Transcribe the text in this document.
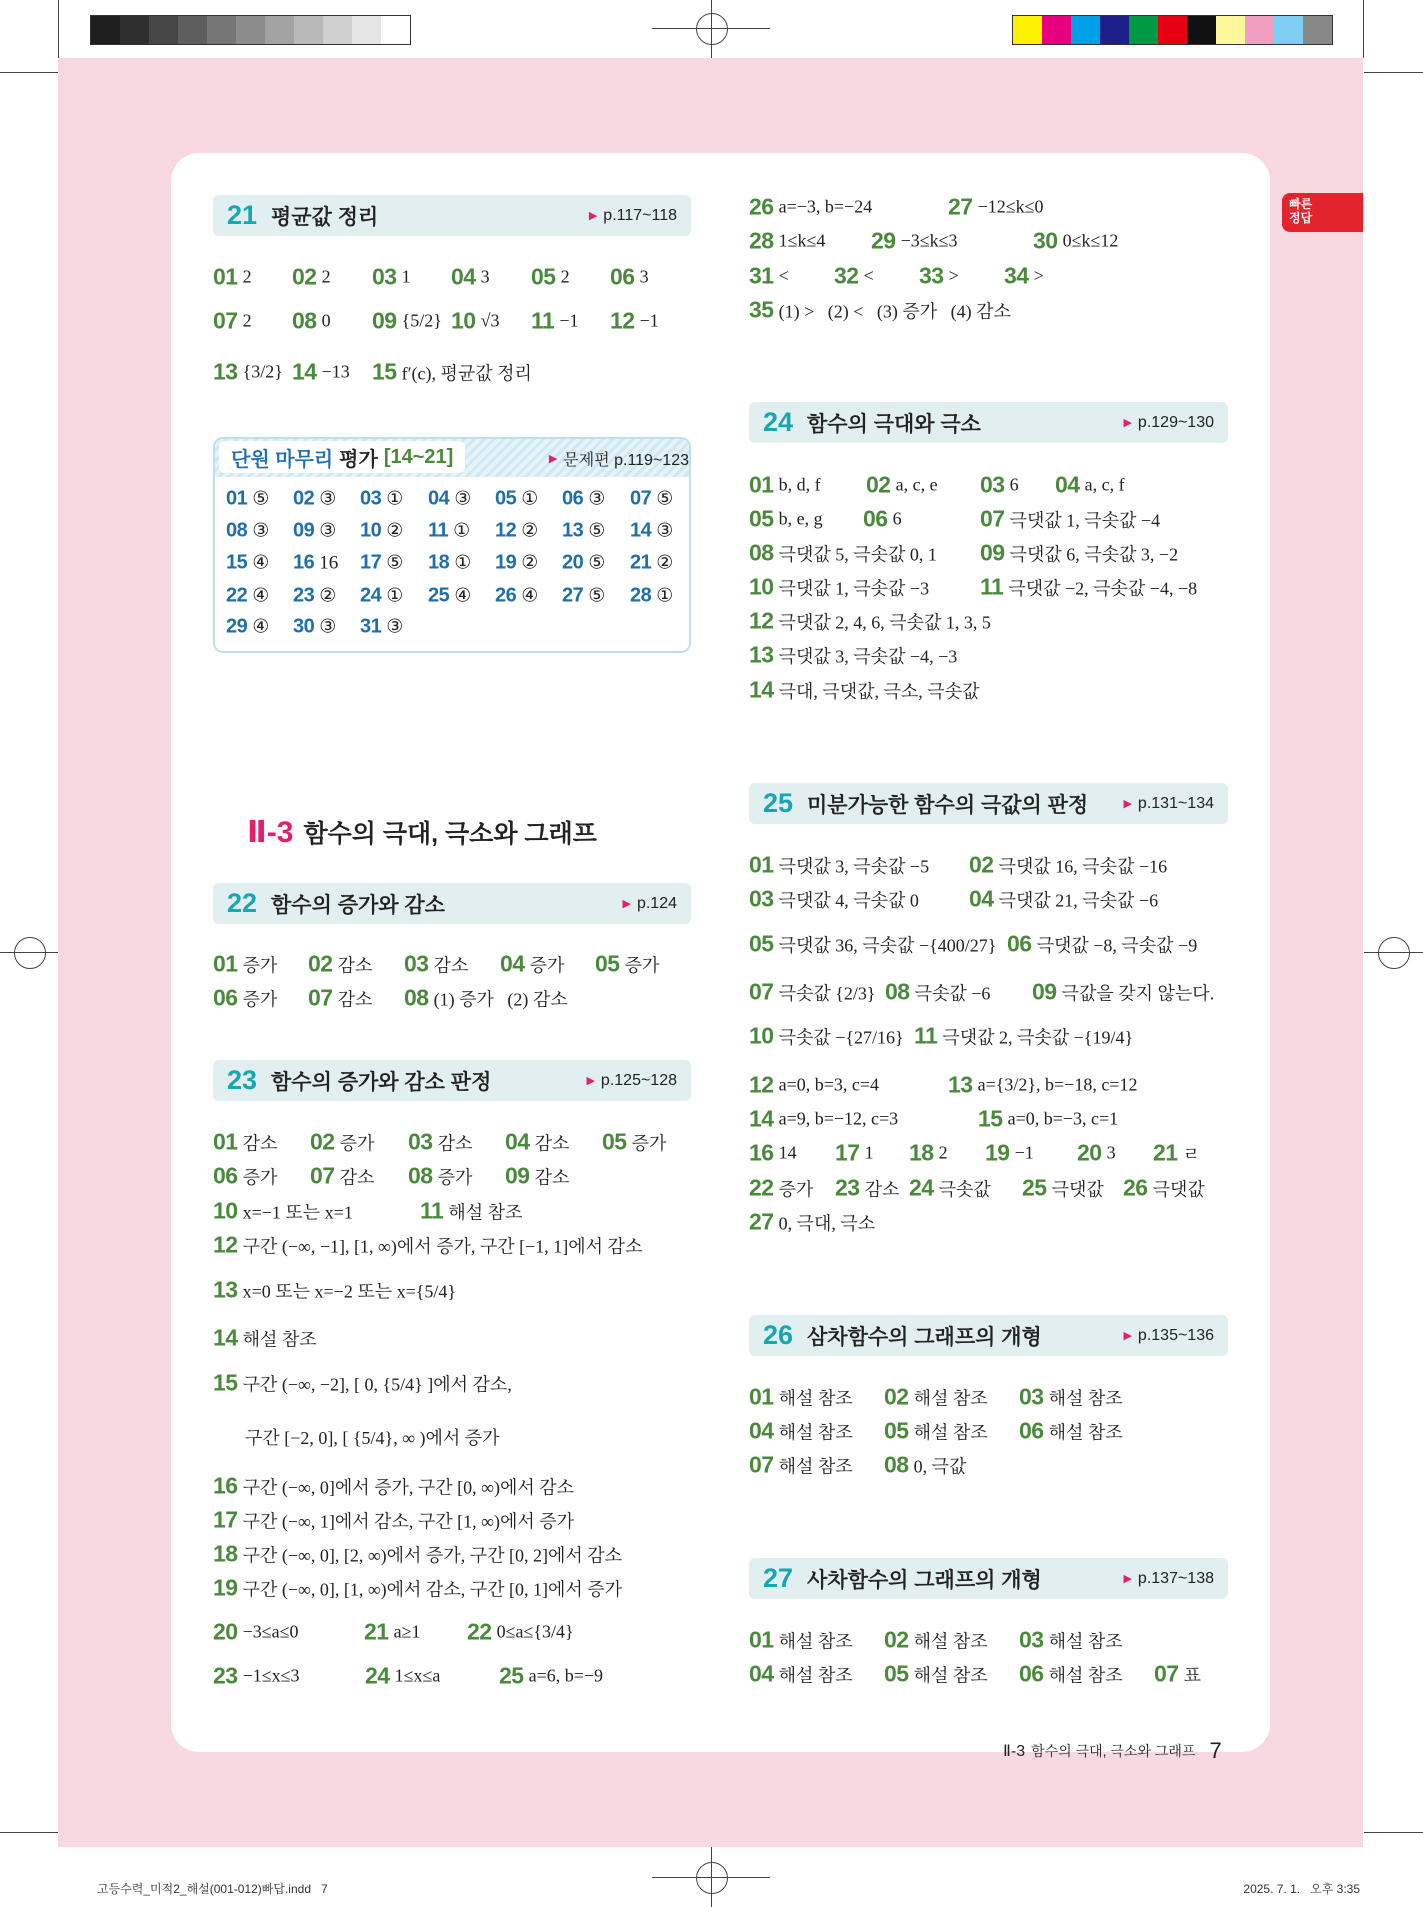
빠른
정답
21 평균값 정리	▶ p.117~118
단원 마무리 평가 [14~21]	▶ 문제편 p.119~123
Ⅱ-3 함수의 극대, 극소와 그래프
22 함수의 증가와 감소	▶ p.124
23 함수의 증가와 감소 판정	▶ p.125~128
24 함수의 극대와 극소	▶ p.129~130
25 미분가능한 함수의 극값의 판정	▶ p.131~134
26 삼차함수의 그래프의 개형	▶ p.135~136
27 사차함수의 그래프의 개형	▶ p.137~138
01 2 02 2 03 1 04 3 05 2 06 3
07 2 08 0 09 {5/2} 10 √3 11 −1 12 −1
13 {3/2} 14 −13 15 f′(c), 평균값 정리
01 ⑤ 02 ③ 03 ① 04 ③ 05 ① 06 ③ 07 ⑤
08 ③ 09 ③ 10 ② 11 ① 12 ② 13 ⑤ 14 ③
15 ④ 16 16 17 ⑤ 18 ① 19 ② 20 ⑤ 21 ②
22 ④ 23 ② 24 ① 25 ④ 26 ④ 27 ⑤ 28 ①
29 ④ 30 ③ 31 ③
01 증가 02 감소 03 감소 04 증가 05 증가
06 증가 07 감소 08 (1) 증가   (2) 감소
01 감소 02 증가 03 감소 04 감소 05 증가
06 증가 07 감소 08 증가 09 감소
10 x=−1 또는 x=1	11 해설 참조
12 구간 (−∞, −1], [1, ∞)에서 증가, 구간 [−1, 1]에서 감소
13 x=0 또는 x=−2 또는 x={5/4}
14 해설 참조
15 구간 (−∞, −2], [ 0, {5/4} ]에서 감소,
구간 [−2, 0], [ {5/4}, ∞ )에서 증가
16 구간 (−∞, 0]에서 증가, 구간 [0, ∞)에서 감소
17 구간 (−∞, 1]에서 감소, 구간 [1, ∞)에서 증가
18 구간 (−∞, 0], [2, ∞)에서 증가, 구간 [0, 2]에서 감소
19 구간 (−∞, 0], [1, ∞)에서 감소, 구간 [0, 1]에서 증가
20 −3≤a≤0	21 a≥1 22 0≤a≤{3/4}
23 −1≤x≤3	24 1≤x≤a	25 a=6, b=−9
26 a=−3, b=−24	27 −12≤k≤0
28 1≤k≤4 29 −3≤k≤3	30 0≤k≤12
31 < 32 < 33 > 34 >
35 (1) >   (2) <   (3) 증가   (4) 감소
01 b, d, f 02 a, c, e 03 6 04 a, c, f
05 b, e, g 06 6	07 극댓값 1, 극솟값 −4
08 극댓값 5, 극솟값 0, 1 09 극댓값 6, 극솟값 3, −2
10 극댓값 1, 극솟값 −3 11 극댓값 −2, 극솟값 −4, −8
12 극댓값 2, 4, 6, 극솟값 1, 3, 5
13 극댓값 3, 극솟값 −4, −3
14 극대, 극댓값, 극소, 극솟값
01 극댓값 3, 극솟값 −5 02 극댓값 16, 극솟값 −16
03 극댓값 4, 극솟값 0 04 극댓값 21, 극솟값 −6
05 극댓값 36, 극솟값 −{400/27} 06 극댓값 −8, 극솟값 −9
07 극솟값 {2/3} 08 극솟값 −6 09 극값을 갖지 않는다.
10 극솟값 −{27/16} 11 극댓값 2, 극솟값 −{19/4}
12 a=0, b=3, c=4	13 a={3/2}, b=−18, c=12
14 a=9, b=−12, c=3	15 a=0, b=−3, c=1
16 14 17 1 18 2 19 −1 20 3 21 ㄹ
22 증가 23 감소 24 극솟값 25 극댓값 26 극댓값
27 0, 극대, 극소
01 해설 참조 02 해설 참조 03 해설 참조
04 해설 참조 05 해설 참조 06 해설 참조
07 해설 참조 08 0, 극값
01 해설 참조 02 해설 참조 03 해설 참조
04 해설 참조 05 해설 참조 06 해설 참조 07 표
Ⅱ-3 함수의 극대, 극소와 그래프 7
고등수력_미적2_해설(001-012)빠답.indd   7	2025. 7. 1.   오후 3:35
